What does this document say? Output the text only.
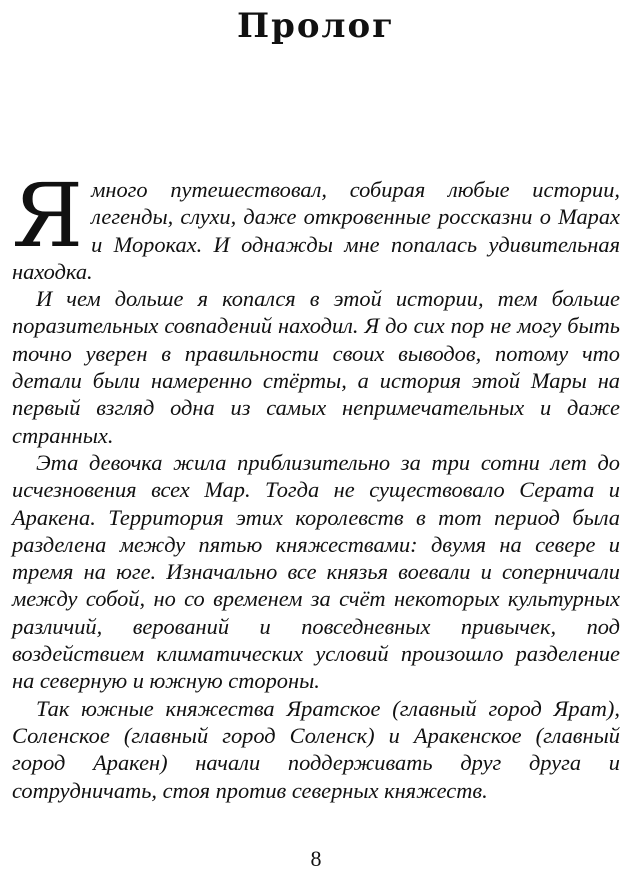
Пролог

Я много путешествовал, собирая любые истории, легенды, слухи, даже откровенные россказни о Марах и Мороках. И однажды мне попалась удивительная находка.

И чем дольше я копался в этой истории, тем больше поразительных совпадений находил. Я до сих пор не могу быть точно уверен в правильности своих выводов, потому что детали были намеренно стёрты, а история этой Мары на первый взгляд одна из самых непримечательных и даже странных.

Эта девочка жила приблизительно за три сотни лет до исчезновения всех Мар. Тогда не существовало Серата и Аракена. Территория этих королевств в тот период была разделена между пятью княжествами: двумя на севере и тремя на юге. Изначально все князья воевали и соперничали между собой, но со временем за счёт некоторых культурных различий, верований и повседневных привычек, под воздействием климатических условий произошло разделение на северную и южную стороны.

Так южные княжества Яратское (главный город Ярат), Соленское (главный город Соленск) и Аракенское (главный город Аракен) начали поддерживать друг друга и сотрудничать, стоя против северных княжеств.

8
